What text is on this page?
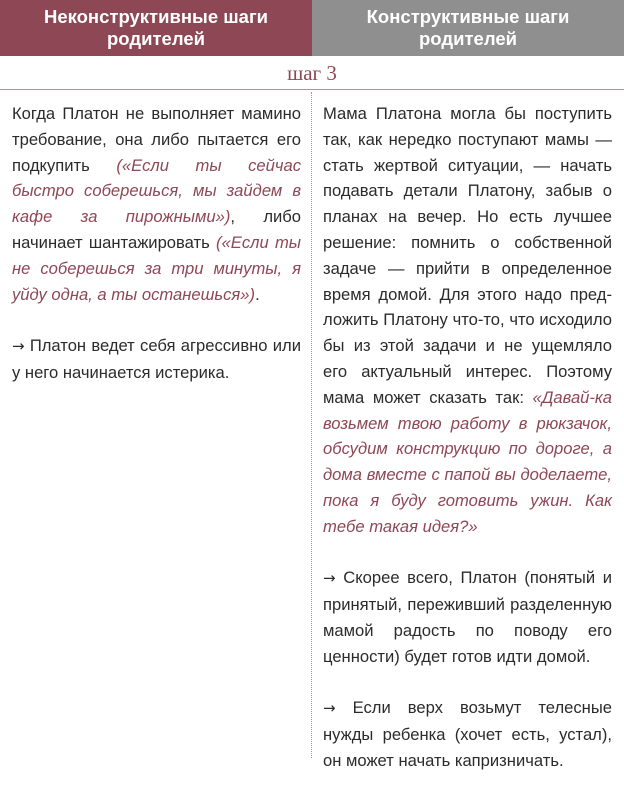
Неконструктивные шаги родителей
Конструктивные шаги родителей
шаг 3

Когда Платон не выполняет мамино требование, она либо пытается его подкупить («Если ты сейчас быстро соберешься, мы зайдем в кафе за пирожными»), либо начинает шантажировать («Если ты не соберешься за три минуты, я уйду одна, а ты останешься»).

→ Платон ведет себя агрессивно или у него начинается истерика.

Мама Платона могла бы поступить так, как нередко поступают мамы — стать жертвой ситуации, — начать подавать детали Платону, забыв о планах на вечер. Но есть лучшее решение: помнить о собственной задаче — прийти в определенное время домой. Для этого надо предложить Платону что-то, что исходило бы из этой задачи и не ущемляло его актуальный интерес. Поэтому мама может сказать так: «Давай-ка возьмем твою работу в рюкзачок, обсудим конструкцию по дороге, а дома вместе с папой вы доделаете, пока я буду готовить ужин. Как тебе такая идея?»

→ Скорее всего, Платон (понятый и принятый, переживший разделенную мамой радость по поводу его ценности) будет готов идти домой.

→ Если верх возьмут телесные нужды ребенка (хочет есть, устал), он может начать капризничать.
